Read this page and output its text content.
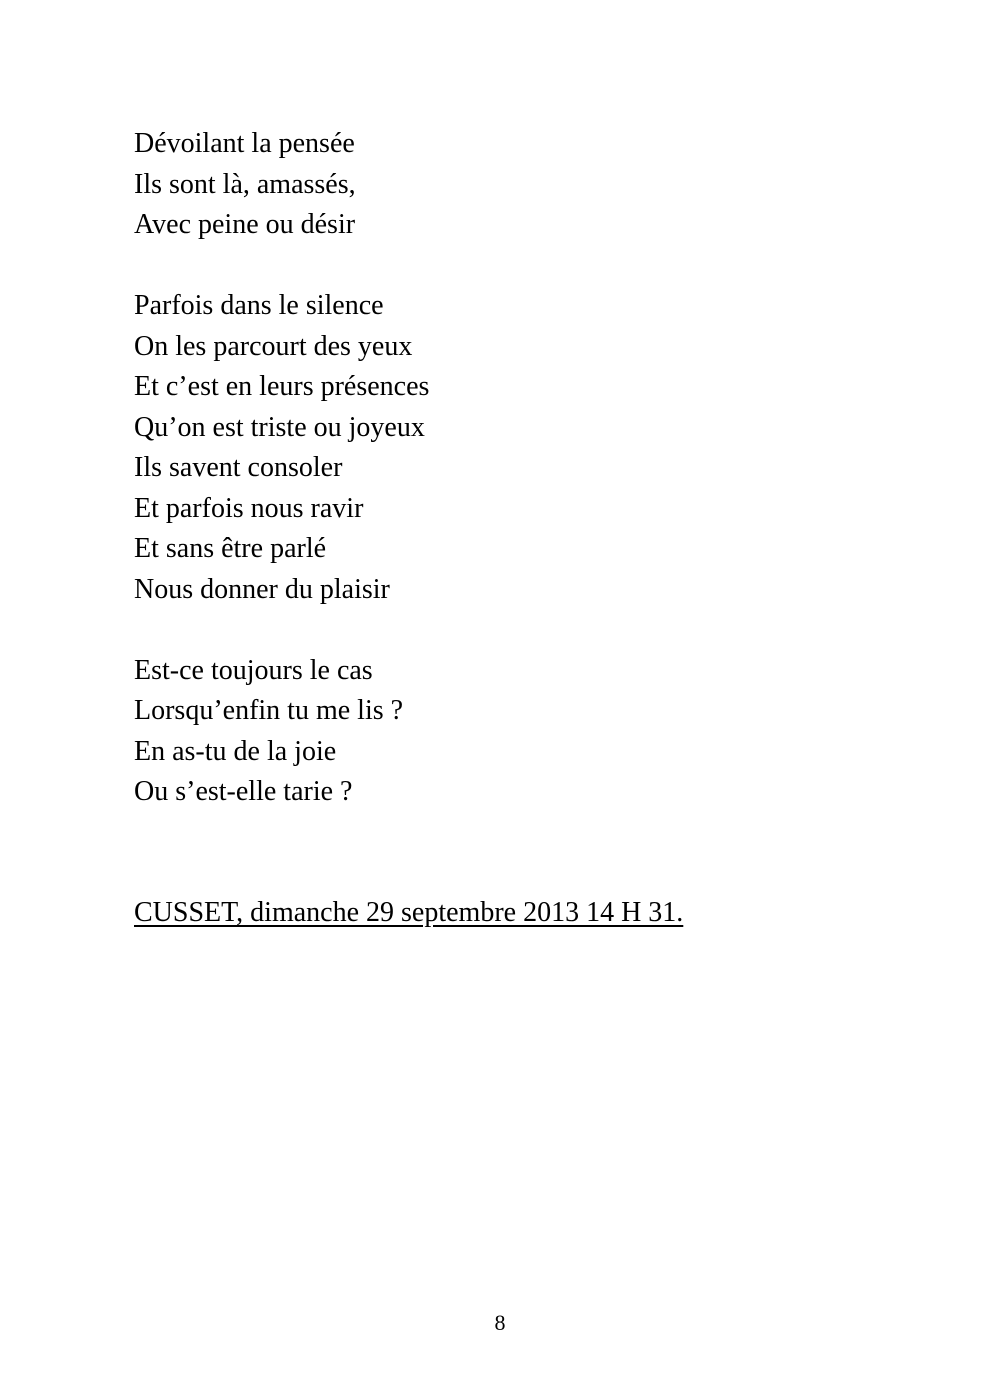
Dévoilant la pensée
Ils sont là, amassés,
Avec peine ou désir
Parfois dans le silence
On les parcourt des yeux
Et c’est en leurs présences
Qu’on est triste ou joyeux
Ils savent consoler
Et parfois nous ravir
Et sans être parlé
Nous donner du plaisir
Est-ce toujours le cas
Lorsqu’enfin tu me lis ?
En as-tu de la joie
Ou s’est-elle tarie ?
CUSSET, dimanche 29 septembre 2013 14 H 31.
8
